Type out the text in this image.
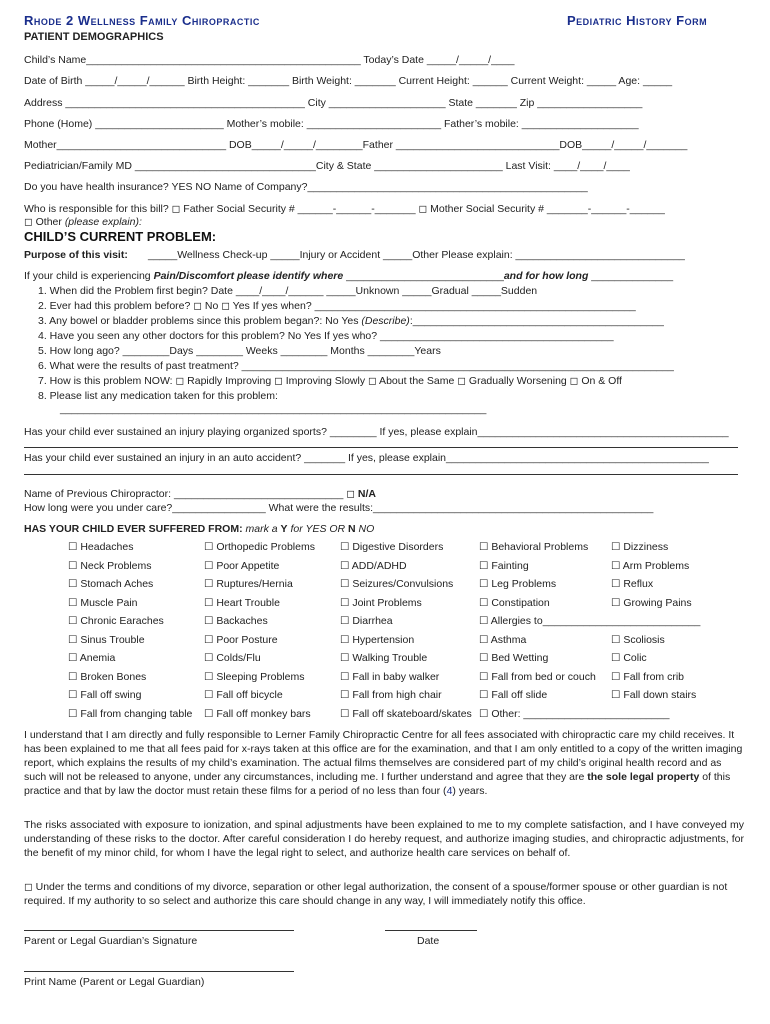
Rhode 2 Wellness Family Chiropractic	Pediatric History Form
PATIENT DEMOGRAPHICS
Child’s Name_______________________________________________ Today’s Date _____/_____/____
Date of Birth _____/_____/______ Birth Height: _______ Birth Weight: _______ Current Height: ______ Current Weight: _____ Age: _____
Address _________________________________________ City ____________________ State _______ Zip __________________
Phone (Home) ______________________ Mother’s mobile: _______________________ Father’s mobile: ____________________
Mother_____________________________ DOB_____/_____/________Father ____________________________DOB_____/_____/_______
Pediatrician/Family MD _______________________________City & State ______________________ Last Visit: ____/____/____
Do you have health insurance? YES NO Name of Company?________________________________________________
Who is responsible for this bill? ◻ Father Social Security # ______-______-_______ ◻ Mother Social Security # _______-______-______
◻ Other (please explain):
CHILD’S CURRENT PROBLEM:
Purpose of this visit: _____Wellness Check-up _____Injury or Accident _____Other Please explain: _____________________________
If your child is experiencing Pain/Discomfort please identify where ___________________________and for how long ______________
1. When did the Problem first begin? Date ____/____/______ _____Unknown _____Gradual _____Sudden
2. Ever had this problem before? ◻ No ◻ Yes If yes when? _______________________________________________________
3. Any bowel or bladder problems since this problem began?: No Yes (Describe):___________________________________________
4. Have you seen any other doctors for this problem? No Yes If yes who? ________________________________________
5. How long ago? ________Days ________ Weeks ________ Months ________Years
6. What were the results of past treatment? __________________________________________________________________________
7. How is this problem NOW: ◻ Rapidly Improving ◻ Improving Slowly ◻ About the Same ◻ Gradually Worsening ◻ On & Off
8. Please list any medication taken for this problem:
_________________________________________________________________________
Has your child ever sustained an injury playing organized sports? ________ If yes, please explain___________________________________________
Has your child ever sustained an injury in an auto accident? _______ If yes, please explain_____________________________________________
Name of Previous Chiropractor: _____________________________ ◻ N/A
How long were you under care?________________ What were the results:________________________________________________
HAS YOUR CHILD EVER SUFFERED FROM: mark a Y for YES OR N NO
☐ Headaches
☐ Neck Problems
☐ Stomach Aches
☐ Muscle Pain
☐ Chronic Earaches
☐ Sinus Trouble
☐ Anemia
☐ Broken Bones
☐ Fall off swing
☐ Fall from changing table
☐ Orthopedic Problems
☐ Poor Appetite
☐ Ruptures/Hernia
☐ Heart Trouble
☐ Backaches
☐ Poor Posture
☐ Colds/Flu
☐ Sleeping Problems
☐ Fall off bicycle
☐ Fall off monkey bars
☐ Digestive Disorders
☐ ADD/ADHD
☐ Seizures/Convulsions
☐ Joint Problems
☐ Diarrhea
☐ Hypertension
☐ Walking Trouble
☐ Fall in baby walker
☐ Fall from high chair
☐ Fall off skateboard/skates
☐ Behavioral Problems
☐ Fainting
☐ Leg Problems
☐ Constipation
☐ Allergies to___________________________
☐ Asthma
☐ Bed Wetting
☐ Fall from bed or couch
☐ Fall off slide
☐ Other: _________________________
☐ Dizziness
☐ Arm Problems
☐ Reflux
☐ Growing Pains
☐ Scoliosis
☐ Colic
☐ Fall from crib
☐ Fall down stairs
I understand that I am directly and fully responsible to Lerner Family Chiropractic Centre for all fees associated with chiropractic care my child receives. It has been explained to me that all fees paid for x-rays taken at this office are for the examination, and that I am only entitled to a copy of the written imaging report, which explains the results of my child’s examination. The actual films themselves are considered part of my child’s original health record and as such will not be released to anyone, under any circumstances, including me. I further understand and agree that they are the sole legal property of this practice and that by law the doctor must retain these films for a period of no less than four (4) years.
The risks associated with exposure to ionization, and spinal adjustments have been explained to me to my complete satisfaction, and I have conveyed my understanding of these risks to the doctor. After careful consideration I do hereby request, and authorize imaging studies, and chiropractic adjustments, for the benefit of my minor child, for whom I have the legal right to select, and authorize health care services on behalf of.
◻ Under the terms and conditions of my divorce, separation or other legal authorization, the consent of a spouse/former spouse or other guardian is not required. If my authority to so select and authorize this care should change in any way, I will immediately notify this office.
Parent or Legal Guardian’s Signature	Date
Print Name (Parent or Legal Guardian)
